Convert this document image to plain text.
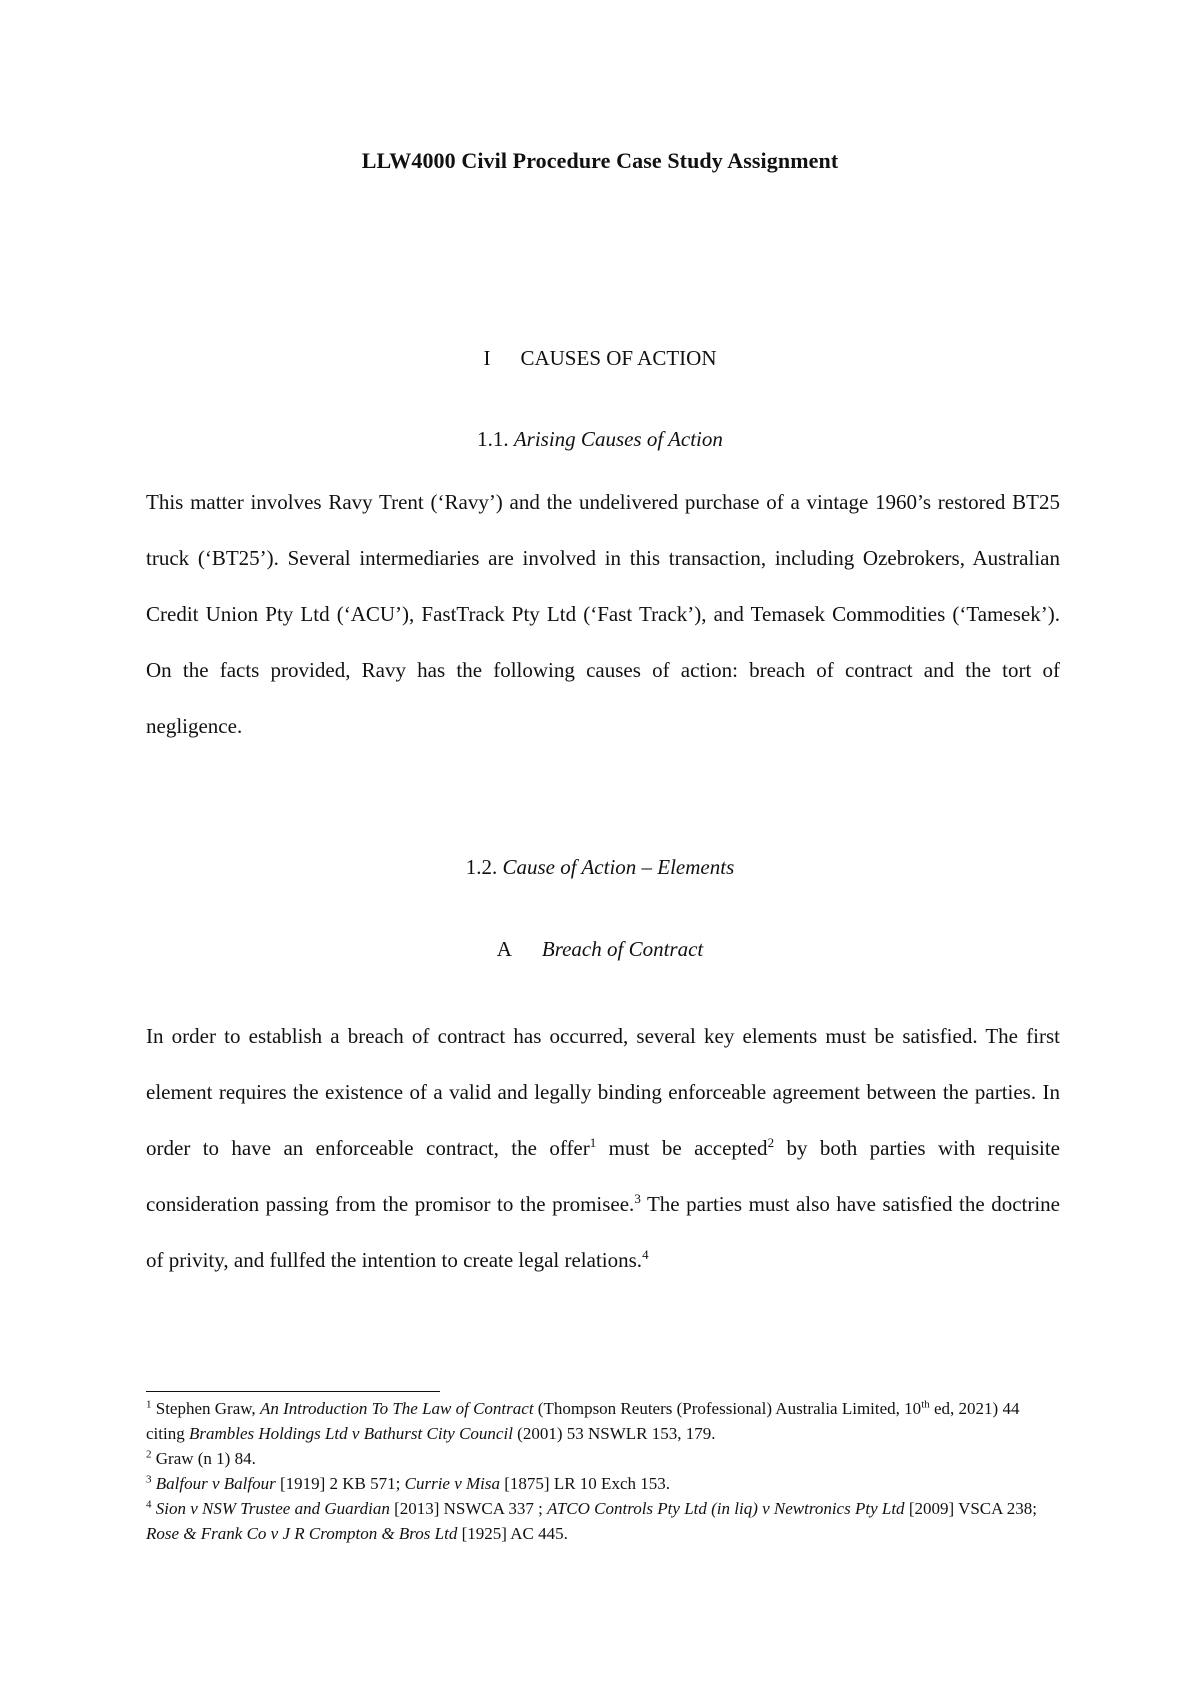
LLW4000 Civil Procedure Case Study Assignment
I CAUSES OF ACTION
1.1. Arising Causes of Action

This matter involves Ravy Trent (‘Ravy’) and the undelivered purchase of a vintage 1960’s restored BT25 truck (‘BT25’). Several intermediaries are involved in this transaction, including Ozebrokers, Australian Credit Union Pty Ltd (‘ACU’), FastTrack Pty Ltd (‘Fast Track’), and Temasek Commodities (‘Tamesek’). On the facts provided, Ravy has the following causes of action: breach of contract and the tort of negligence.

1.2. Cause of Action – Elements
A Breach of Contract

In order to establish a breach of contract has occurred, several key elements must be satisfied. The first element requires the existence of a valid and legally binding enforceable agreement between the parties. In order to have an enforceable contract, the offer$^1$ must be accepted$^2$ by both parties with requisite consideration passing from the promisor to the promisee.$^3$ The parties must also have satisfied the doctrine of privity, and fullfed the intention to create legal relations.$^4$

$^1$ Stephen Graw, An Introduction To The Law of Contract (Thompson Reuters (Professional) Australia Limited, 10th ed, 2021) 44 citing Brambles Holdings Ltd v Bathurst City Council (2001) 53 NSWLR 153, 179.

$^2$ Graw (n 1) 84.

$^3$ Balfour v Balfour [1919] 2 KB 571; Currie v Misa [1875] LR 10 Exch 153.

$^4$ Sion v NSW Trustee and Guardian [2013] NSWCA 337 ; ATCO Controls Pty Ltd (in liq) v Newtronics Pty Ltd [2009] VSCA 238; Rose & Frank Co v J R Crompton & Bros Ltd [1925] AC 445.
